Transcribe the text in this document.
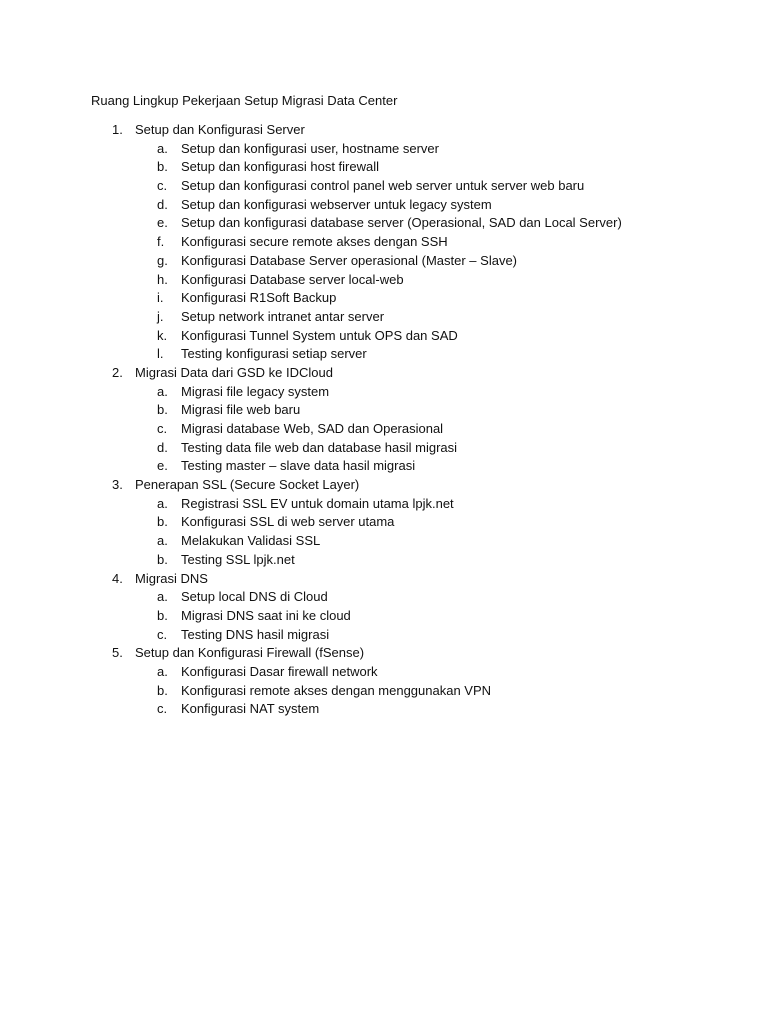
Ruang Lingkup Pekerjaan Setup Migrasi Data Center
1. Setup dan Konfigurasi Server
a. Setup dan konfigurasi user, hostname server
b. Setup dan konfigurasi host firewall
c. Setup dan konfigurasi control panel web server untuk server web baru
d. Setup dan konfigurasi webserver untuk legacy system
e. Setup dan konfigurasi database server (Operasional, SAD dan Local Server)
f. Konfigurasi secure remote akses dengan SSH
g. Konfigurasi Database Server operasional (Master – Slave)
h. Konfigurasi Database server local-web
i. Konfigurasi R1Soft Backup
j. Setup network intranet antar server
k. Konfigurasi Tunnel System untuk OPS dan SAD
l. Testing konfigurasi setiap server
2. Migrasi Data dari GSD ke IDCloud
a. Migrasi file legacy system
b. Migrasi file web baru
c. Migrasi database Web, SAD dan Operasional
d. Testing data file web dan database hasil migrasi
e. Testing master – slave data hasil migrasi
3. Penerapan SSL (Secure Socket Layer)
a. Registrasi SSL EV untuk domain utama lpjk.net
b. Konfigurasi SSL di web server utama
a. Melakukan Validasi SSL
b. Testing SSL lpjk.net
4. Migrasi DNS
a. Setup local DNS di Cloud
b. Migrasi DNS saat ini ke cloud
c. Testing DNS hasil migrasi
5. Setup dan Konfigurasi Firewall (fSense)
a. Konfigurasi Dasar firewall network
b. Konfigurasi remote akses dengan menggunakan VPN
c. Konfigurasi NAT system
